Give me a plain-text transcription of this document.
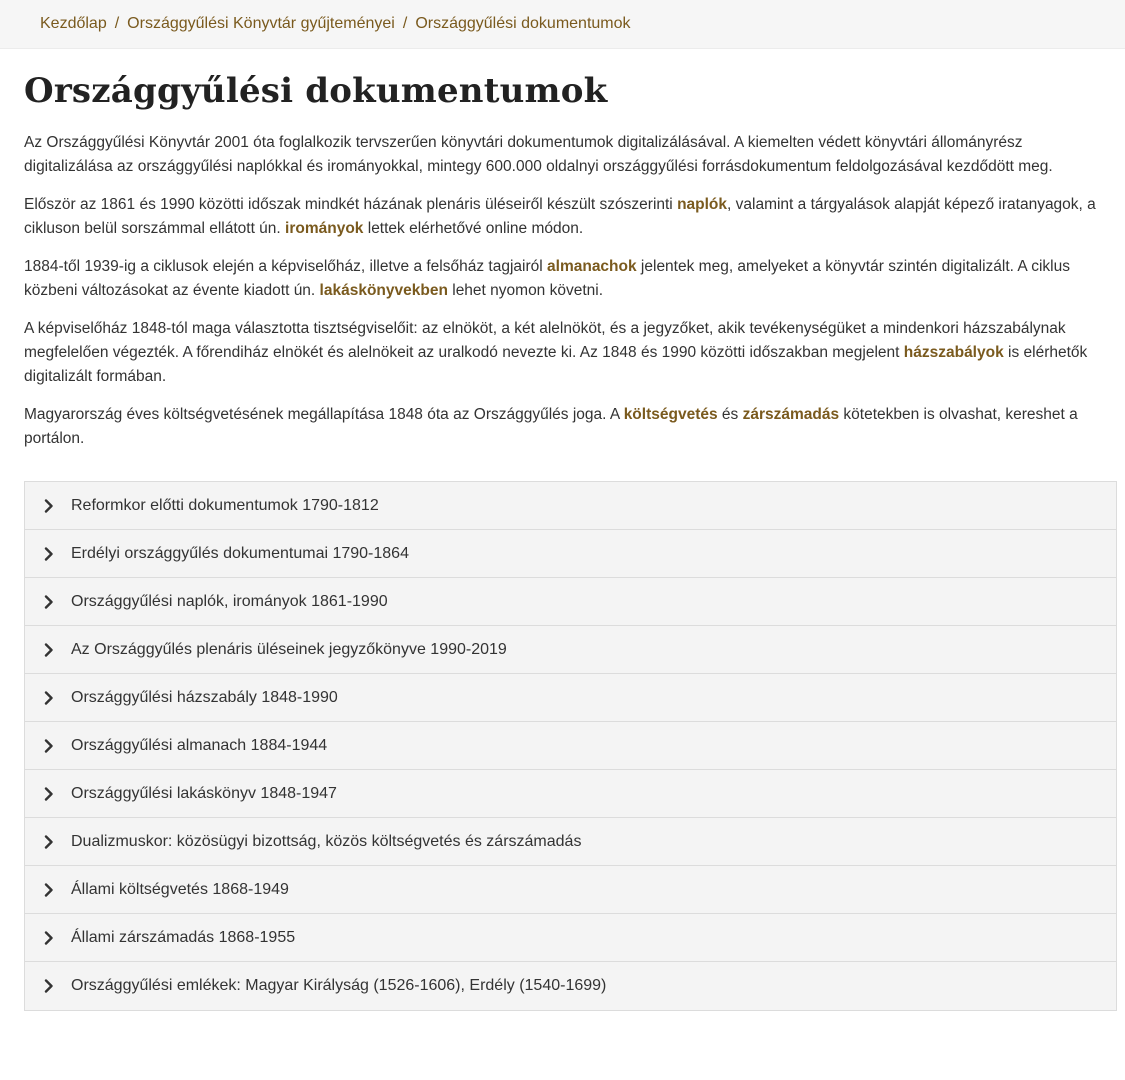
Kezdőlap / Országgyűlési Könyvtár gyűjteményei / Országgyűlési dokumentumok
Országgyűlési dokumentumok

Az Országgyűlési Könyvtár 2001 óta foglalkozik tervszerűen könyvtári dokumentumok digitalizálásával. A kiemelten védett könyvtári állományrész digitalizálása az országgyűlési naplókkal és irományokkal, mintegy 600.000 oldalnyi országgyűlési forrásdokumentum feldolgozásával kezdődött meg.

Először az 1861 és 1990 közötti időszak mindkét házának plenáris üléseiről készült szószerinti naplók, valamint a tárgyalások alapját képező iratanyagok, a cikluson belül sorszámmal ellátott ún. irományok lettek elérhetővé online módon.

1884-től 1939-ig a ciklusok elején a képviselőház, illetve a felsőház tagjairól almanachok jelentek meg, amelyeket a könyvtár szintén digitalizált. A ciklus közbeni változásokat az évente kiadott ún. lakáskönyvekben lehet nyomon követni.

A képviselőház 1848-tól maga választotta tisztségviselőit: az elnököt, a két alelnököt, és a jegyzőket, akik tevékenységüket a mindenkori házszabálynak megfelelően végezték. A főrendiház elnökét és alelnökeit az uralkodó nevezte ki. Az 1848 és 1990 közötti időszakban megjelent házszabályok is elérhetők digitalizált formában.

Magyarország éves költségvetésének megállapítása 1848 óta az Országgyűlés joga. A költségvetés és zárszámadás kötetekben is olvashat, kereshet a portálon.

Reformkor előtti dokumentumok 1790-1812
Erdélyi országgyűlés dokumentumai 1790-1864
Országgyűlési naplók, irományok 1861-1990
Az Országgyűlés plenáris üléseinek jegyzőkönyve 1990-2019
Országgyűlési házszabály 1848-1990
Országgyűlési almanach 1884-1944
Országgyűlési lakáskönyv 1848-1947
Dualizmuskor: közösügyi bizottság, közös költségvetés és zárszámadás
Állami költségvetés 1868-1949
Állami zárszámadás 1868-1955
Országgyűlési emlékek: Magyar Királyság (1526-1606), Erdély (1540-1699)
